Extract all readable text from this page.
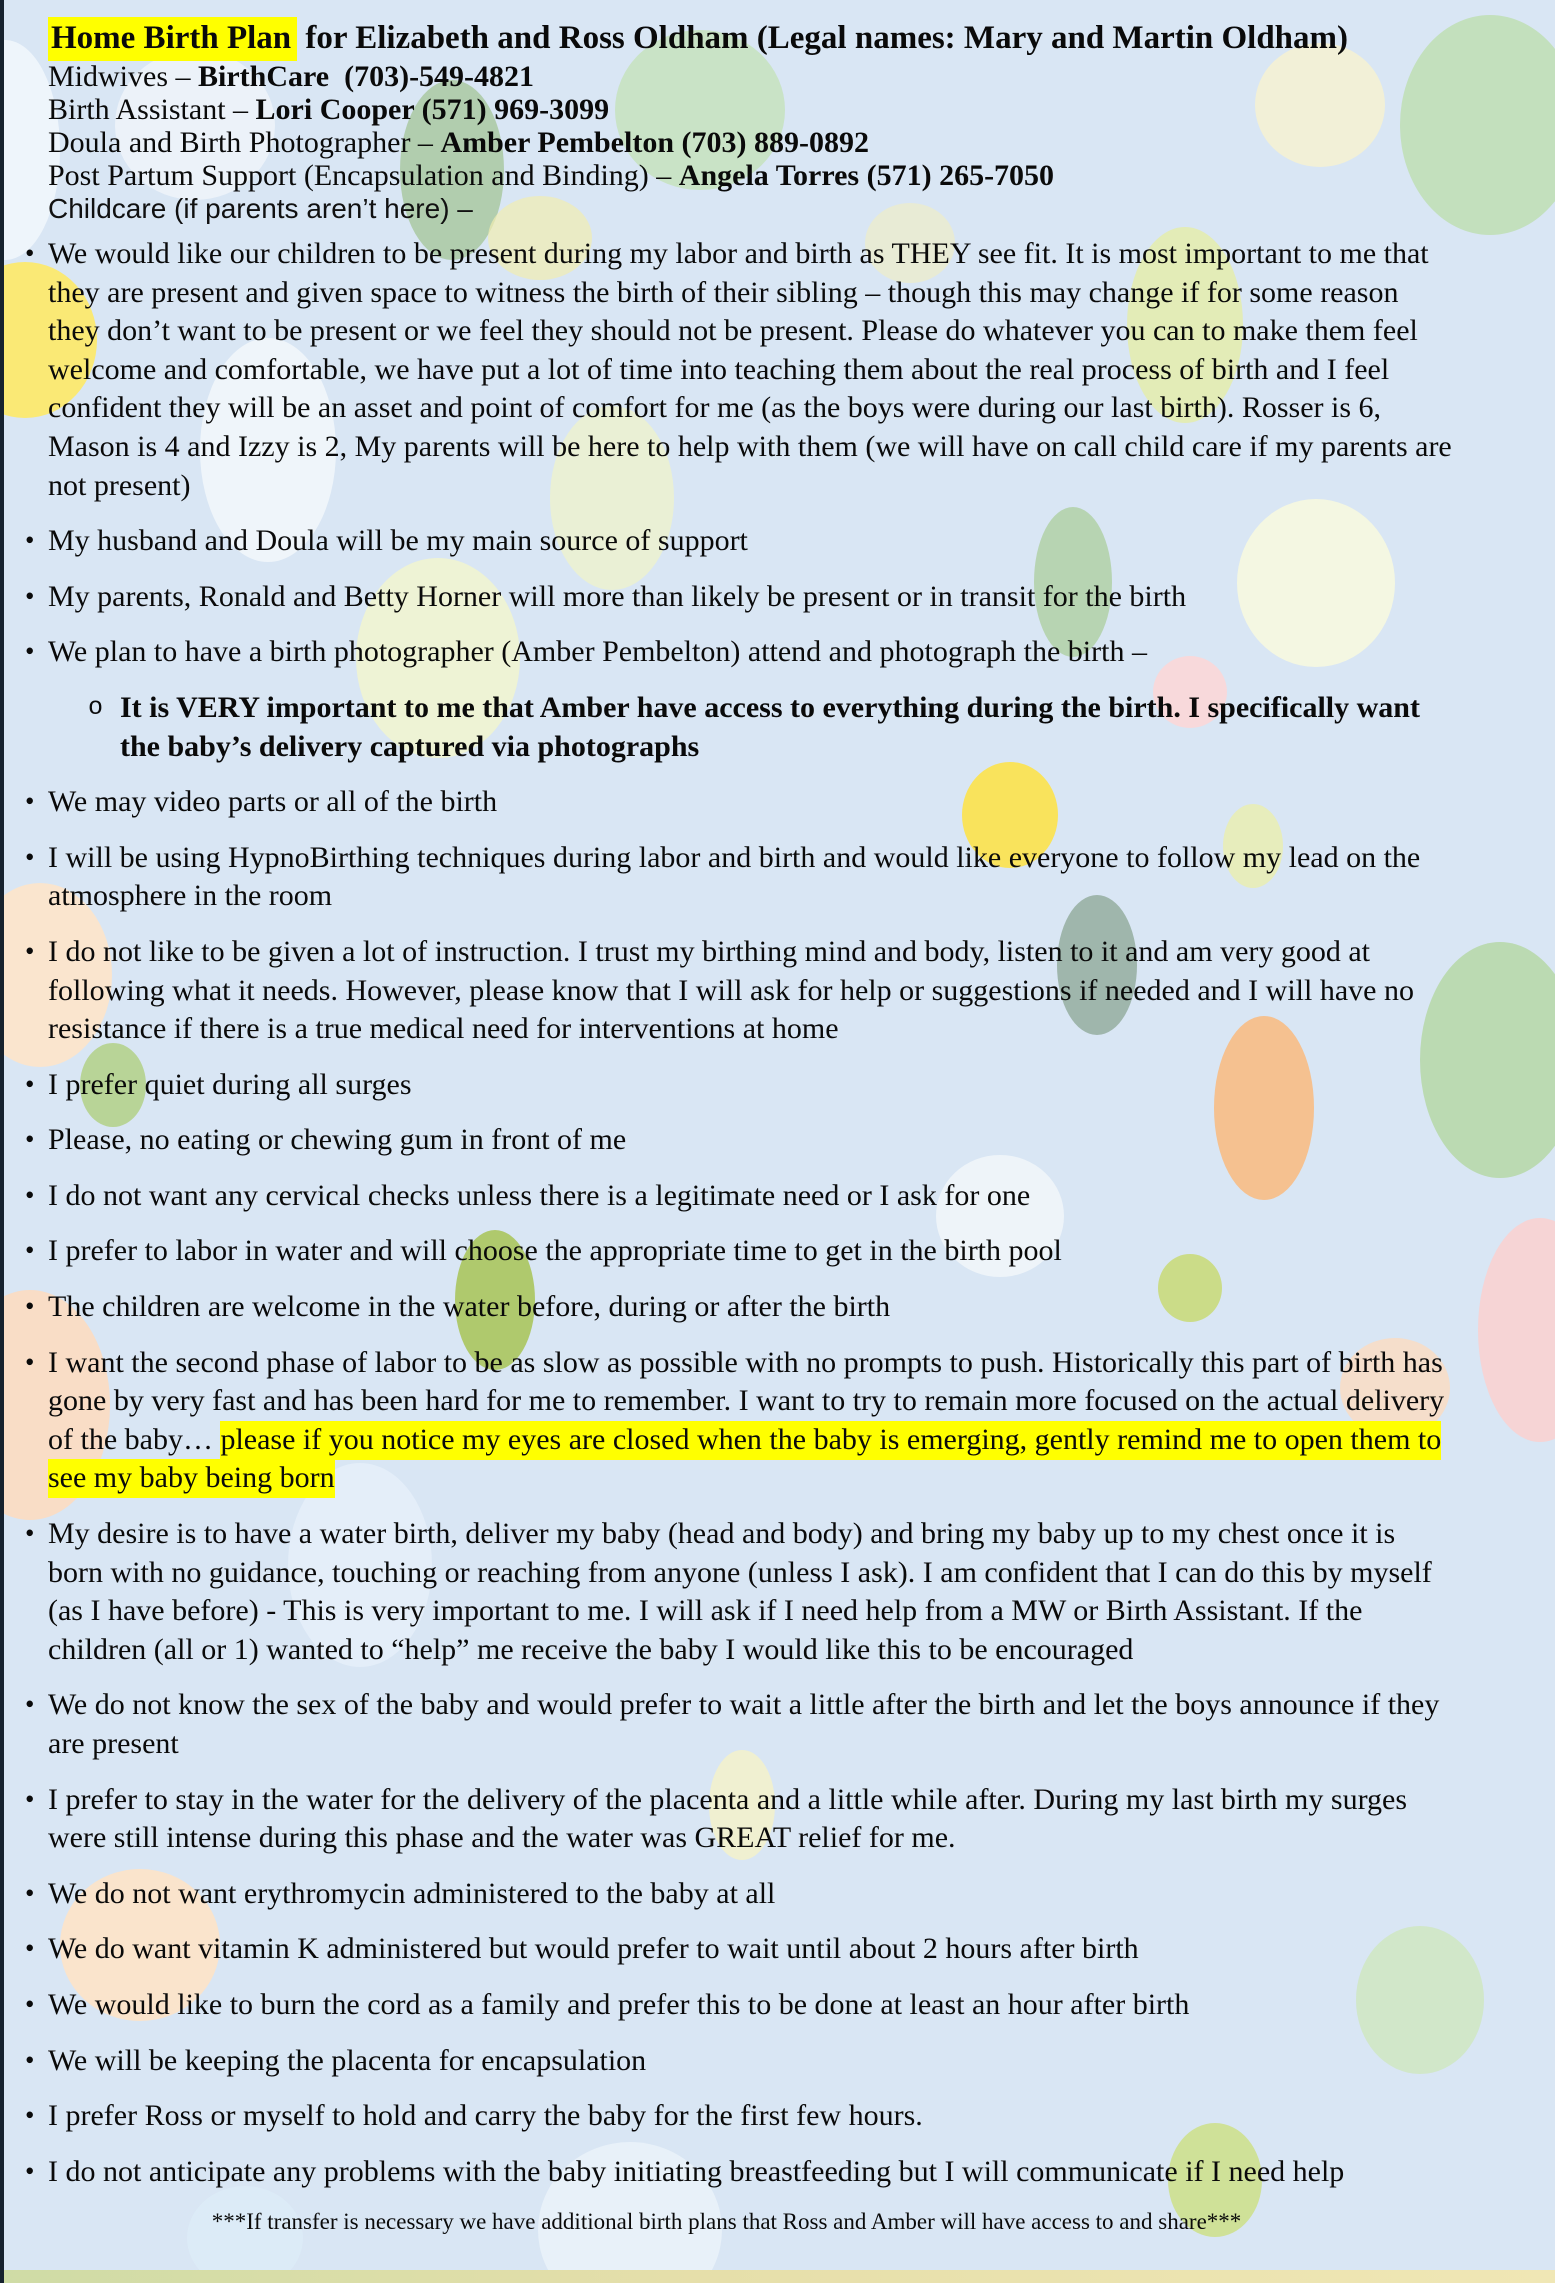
Home Birth Plan for Elizabeth and Ross Oldham (Legal names: Mary and Martin Oldham)
Midwives – BirthCare  (703)-549-4821
Birth Assistant – Lori Cooper (571) 969-3099
Doula and Birth Photographer – Amber Pembelton (703) 889-0892
Post Partum Support (Encapsulation and Binding) – Angela Torres (571) 265-7050
Childcare (if parents aren’t here) –
• We would like our children to be present during my labor and birth as THEY see fit. It is most important to me that they are present and given space to witness the birth of their sibling – though this may change if for some reason they don’t want to be present or we feel they should not be present. Please do whatever you can to make them feel welcome and comfortable, we have put a lot of time into teaching them about the real process of birth and I feel confident they will be an asset and point of comfort for me (as the boys were during our last birth). Rosser is 6, Mason is 4 and Izzy is 2, My parents will be here to help with them (we will have on call child care if my parents are not present)
• My husband and Doula will be my main source of support
• My parents, Ronald and Betty Horner will more than likely be present or in transit for the birth
• We plan to have a birth photographer (Amber Pembelton) attend and photograph the birth –
o It is VERY important to me that Amber have access to everything during the birth. I specifically want the baby’s delivery captured via photographs
• We may video parts or all of the birth
• I will be using HypnoBirthing techniques during labor and birth and would like everyone to follow my lead on the atmosphere in the room
• I do not like to be given a lot of instruction. I trust my birthing mind and body, listen to it and am very good at following what it needs. However, please know that I will ask for help or suggestions if needed and I will have no resistance if there is a true medical need for interventions at home
• I prefer quiet during all surges
• Please, no eating or chewing gum in front of me
• I do not want any cervical checks unless there is a legitimate need or I ask for one
• I prefer to labor in water and will choose the appropriate time to get in the birth pool
• The children are welcome in the water before, during or after the birth
• I want the second phase of labor to be as slow as possible with no prompts to push. Historically this part of birth has gone by very fast and has been hard for me to remember. I want to try to remain more focused on the actual delivery of the baby… please if you notice my eyes are closed when the baby is emerging, gently remind me to open them to see my baby being born
• My desire is to have a water birth, deliver my baby (head and body) and bring my baby up to my chest once it is born with no guidance, touching or reaching from anyone (unless I ask). I am confident that I can do this by myself (as I have before) - This is very important to me. I will ask if I need help from a MW or Birth Assistant. If the children (all or 1) wanted to “help” me receive the baby I would like this to be encouraged
• We do not know the sex of the baby and would prefer to wait a little after the birth and let the boys announce if they are present
• I prefer to stay in the water for the delivery of the placenta and a little while after. During my last birth my surges were still intense during this phase and the water was GREAT relief for me.
• We do not want erythromycin administered to the baby at all
• We do want vitamin K administered but would prefer to wait until about 2 hours after birth
• We would like to burn the cord as a family and prefer this to be done at least an hour after birth
• We will be keeping the placenta for encapsulation
• I prefer Ross or myself to hold and carry the baby for the first few hours.
• I do not anticipate any problems with the baby initiating breastfeeding but I will communicate if I need help
***If transfer is necessary we have additional birth plans that Ross and Amber will have access to and share***
